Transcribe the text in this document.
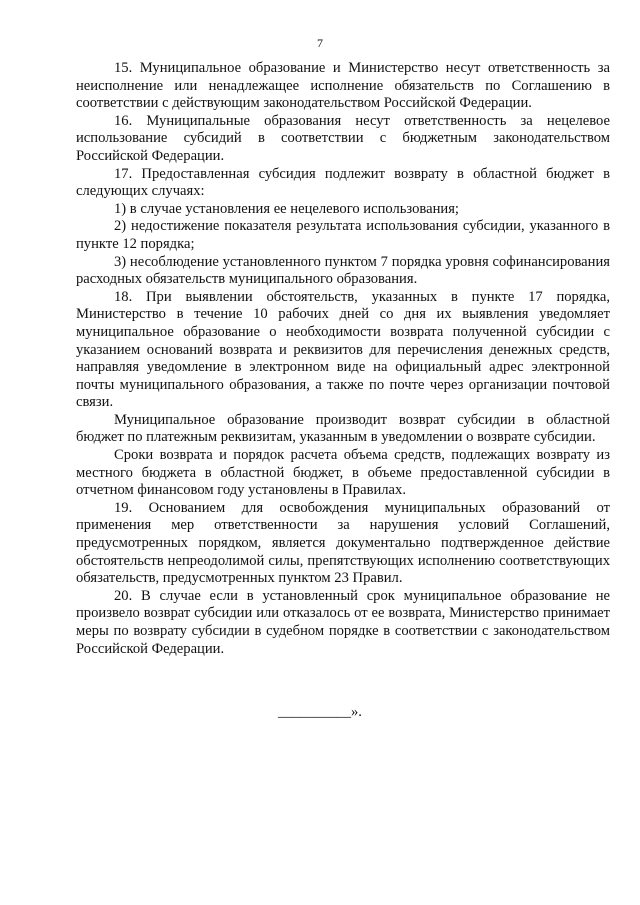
7

15. Муниципальное образование и Министерство несут ответственность за неисполнение или ненадлежащее исполнение обязательств по Соглашению в соответствии с действующим законодательством Российской Федерации.

16. Муниципальные образования несут ответственность за нецелевое использование субсидий в соответствии с бюджетным законодательством Российской Федерации.

17. Предоставленная субсидия подлежит возврату в областной бюджет в следующих случаях:

1) в случае установления ее нецелевого использования;

2) недостижение показателя результата использования субсидии, указанного в пункте 12 порядка;

3) несоблюдение установленного пунктом 7 порядка уровня софинансирования расходных обязательств муниципального образования.

18. При выявлении обстоятельств, указанных в пункте 17 порядка, Министерство в течение 10 рабочих дней со дня их выявления уведомляет муниципальное образование о необходимости возврата полученной субсидии с указанием оснований возврата и реквизитов для перечисления денежных средств, направляя уведомление в электронном виде на официальный адрес электронной почты муниципального образования, а также по почте через организации почтовой связи.

Муниципальное образование производит возврат субсидии в областной бюджет по платежным реквизитам, указанным в уведомлении о возврате субсидии.

Сроки возврата и порядок расчета объема средств, подлежащих возврату из местного бюджета в областной бюджет, в объеме предоставленной субсидии в отчетном финансовом году установлены в Правилах.

19. Основанием для освобождения муниципальных образований от применения мер ответственности за нарушения условий Соглашений, предусмотренных порядком, является документально подтвержденное действие обстоятельств непреодолимой силы, препятствующих исполнению соответствующих обязательств, предусмотренных пунктом 23 Правил.

20. В случае если в установленный срок муниципальное образование не произвело возврат субсидии или отказалось от ее возврата, Министерство принимает меры по возврату субсидии в судебном порядке в соответствии с законодательством Российской Федерации.

__________».
